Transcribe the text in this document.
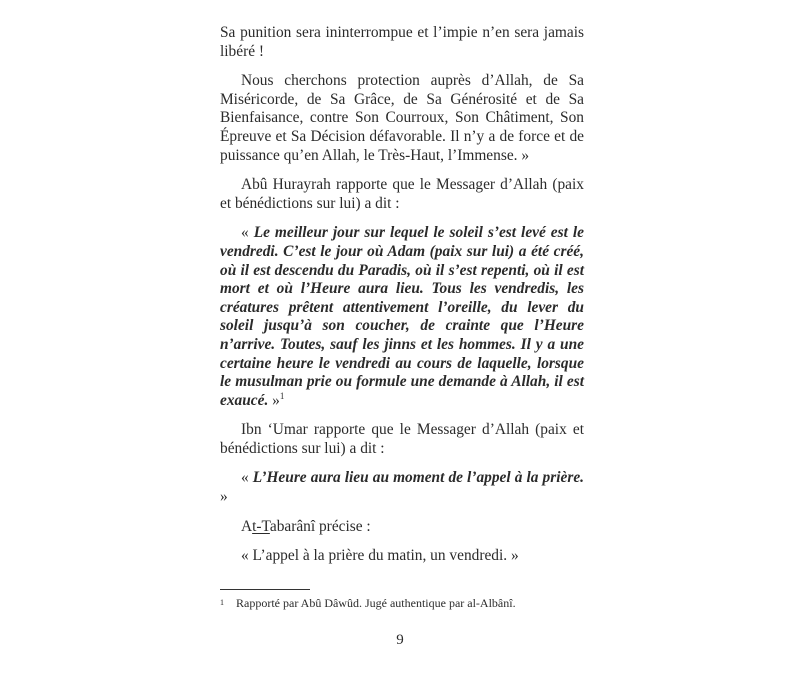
Sa punition sera ininterrompue et l’impie n’en sera jamais libéré !

Nous cherchons protection auprès d’Allah, de Sa Miséricorde, de Sa Grâce, de Sa Générosité et de Sa Bienfaisance, contre Son Courroux, Son Châtiment, Son Épreuve et Sa Décision défavorable. Il n’y a de force et de puissance qu’en Allah, le Très-Haut, l’Immense. »

Abû Hurayrah rapporte que le Messager d’Allah (paix et bénédictions sur lui) a dit :

« Le meilleur jour sur lequel le soleil s’est levé est le vendredi. C’est le jour où Adam (paix sur lui) a été créé, où il est descendu du Paradis, où il s’est repenti, où il est mort et où l’Heure aura lieu. Tous les vendredis, les créatures prêtent attentivement l’oreille, du lever du soleil jusqu’à son coucher, de crainte que l’Heure n’arrive. Toutes, sauf les jinns et les hommes. Il y a une certaine heure le vendredi au cours de laquelle, lorsque le musulman prie ou formule une demande à Allah, il est exaucé. »$^1$

Ibn ‘Umar rapporte que le Messager d’Allah (paix et bénédictions sur lui) a dit :

« L’Heure aura lieu au moment de l’appel à la prière. »

At-Tabarânî précise :

« L’appel à la prière du matin, un vendredi. »

1 Rapporté par Abû Dâwûd. Jugé authentique par al-Albânî.
9
